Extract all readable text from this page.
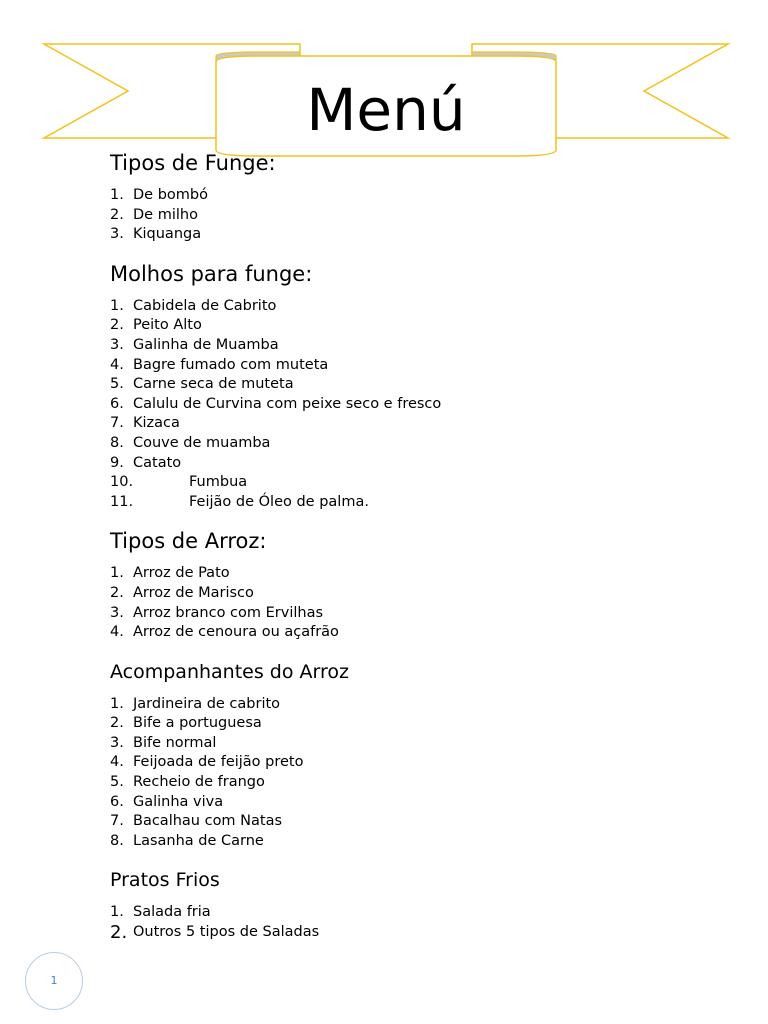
Menú
Tipos de Funge:
1. De bombó
2. De milho
3. Kiquanga
Molhos para funge:
1. Cabidela de Cabrito
2. Peito Alto
3. Galinha de Muamba
4. Bagre fumado com muteta
5. Carne seca de muteta
6. Calulu de Curvina com peixe seco e fresco
7. Kizaca
8. Couve de muamba
9. Catato
10.	Fumbua
11.	Feijão de Óleo de palma.
Tipos de Arroz:
1. Arroz de Pato
2. Arroz de Marisco
3. Arroz branco com Ervilhas
4. Arroz de cenoura ou açafrão
Acompanhantes do Arroz
1. Jardineira de cabrito
2. Bife a portuguesa
3. Bife normal
4. Feijoada de feijão preto
5. Recheio de frango
6. Galinha viva
7. Bacalhau com Natas
8. Lasanha de Carne
Pratos Frios
1. Salada fria
2. Outros 5 tipos de Saladas
1
